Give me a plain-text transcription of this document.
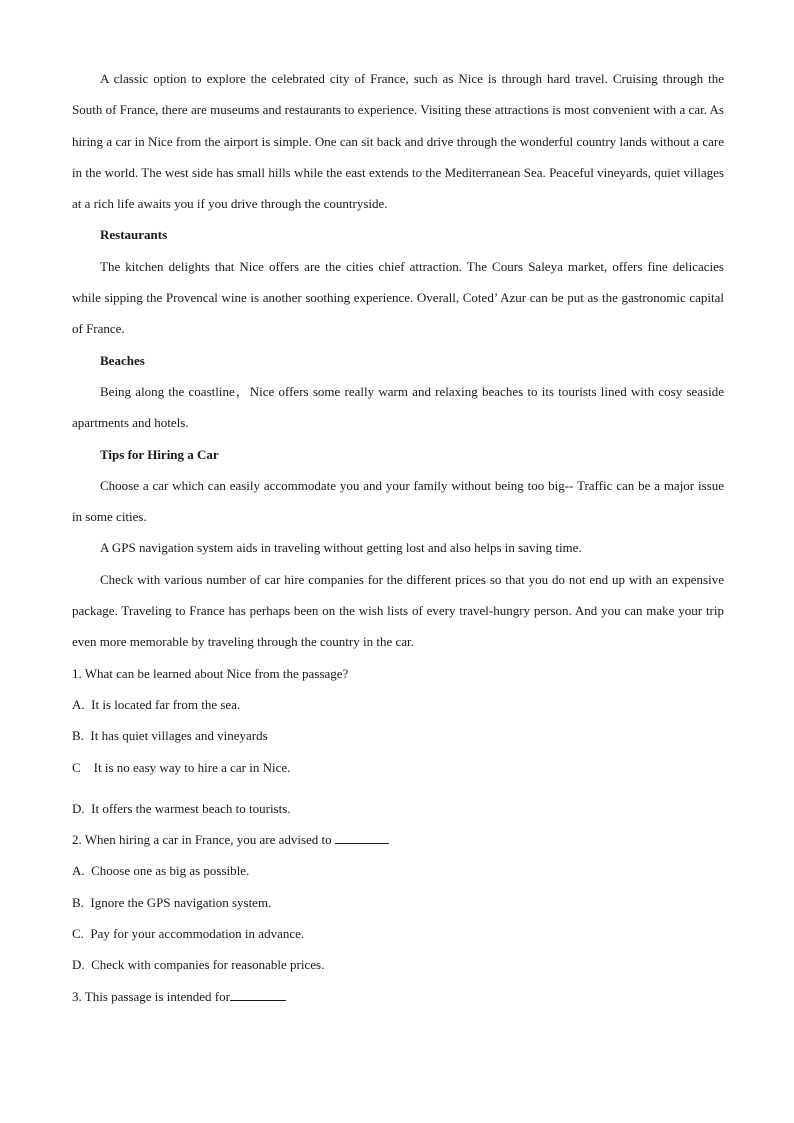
A classic option to explore the celebrated city of France, such as Nice is through hard travel. Cruising through the South of France, there are museums and restaurants to experience. Visiting these attractions is most convenient with a car. As hiring a car in Nice from the airport is simple. One can sit back and drive through the wonderful country lands without a care in the world. The west side has small hills while the east extends to the Mediterranean Sea. Peaceful vineyards, quiet villages at a rich life awaits you if you drive through the countryside.

Restaurants

The kitchen delights that Nice offers are the cities chief attraction. The Cours Saleya market, offers fine delicacies while sipping the Provencal wine is another soothing experience. Overall, Coted’ Azur can be put as the gastronomic capital of France.

Beaches

Being along the coastline，Nice offers some really warm and relaxing beaches to its tourists lined with cosy seaside apartments and hotels.

Tips for Hiring a Car

Choose a car which can easily accommodate you and your family without being too big-- Traffic can be a major issue in some cities.

A GPS navigation system aids in traveling without getting lost and also helps in saving time.

Check with various number of car hire companies for the different prices so that you do not end up with an expensive package. Traveling to France has perhaps been on the wish lists of every travel-hungry person. And you can make your trip even more memorable by traveling through the country in the car.

1. What can be learned about Nice from the passage?

A.  It is located far from the sea.

B.  It has quiet villages and vineyards

C    It is no easy way to hire a car in Nice.

D.  It offers the warmest beach to tourists.

2. When hiring a car in France, you are advised to

A.  Choose one as big as possible.

B.  Ignore the GPS navigation system.

C.  Pay for your accommodation in advance.

D.  Check with companies for reasonable prices.

3. This passage is intended for
